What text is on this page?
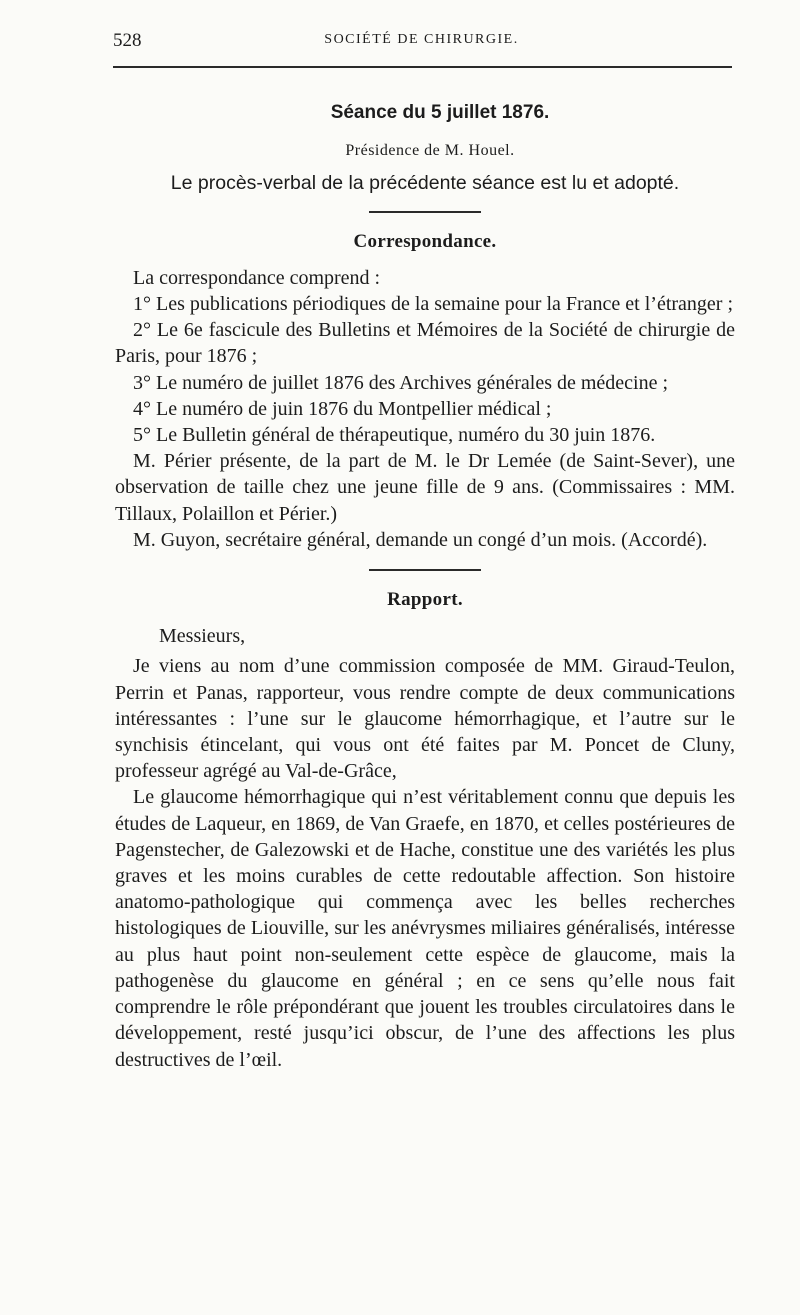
528	SOCIÉTÉ DE CHIRURGIE.
Séance du 5 juillet 1876.
Présidence de M. Houel.
Le procès-verbal de la précédente séance est lu et adopté.
Correspondance.

La correspondance comprend :

1° Les publications périodiques de la semaine pour la France et l’étranger ;

2° Le 6e fascicule des Bulletins et Mémoires de la Société de chirurgie de Paris, pour 1876 ;

3° Le numéro de juillet 1876 des Archives générales de médecine ;

4° Le numéro de juin 1876 du Montpellier médical ;

5° Le Bulletin général de thérapeutique, numéro du 30 juin 1876.

M. Périer présente, de la part de M. le Dr Lemée (de Saint-Sever), une observation de taille chez une jeune fille de 9 ans. (Commissaires : MM. Tillaux, Polaillon et Périer.)

M. Guyon, secrétaire général, demande un congé d’un mois. (Accordé).

Rapport.

Messieurs,

Je viens au nom d’une commission composée de MM. Giraud-Teulon, Perrin et Panas, rapporteur, vous rendre compte de deux communications intéressantes : l’une sur le glaucome hémorrhagique, et l’autre sur le synchisis étincelant, qui vous ont été faites par M. Poncet de Cluny, professeur agrégé au Val-de-Grâce,

Le glaucome hémorrhagique qui n’est véritablement connu que depuis les études de Laqueur, en 1869, de Van Graefe, en 1870, et celles postérieures de Pagenstecher, de Galezowski et de Hache, constitue une des variétés les plus graves et les moins curables de cette redoutable affection. Son histoire anatomo-pathologique qui commença avec les belles recherches histologiques de Liouville, sur les anévrysmes miliaires généralisés, intéresse au plus haut point non-seulement cette espèce de glaucome, mais la pathogenèse du glaucome en général ; en ce sens qu’elle nous fait comprendre le rôle prépondérant que jouent les troubles circulatoires dans le développement, resté jusqu’ici obscur, de l’une des affections les plus destructives de l’œil.
